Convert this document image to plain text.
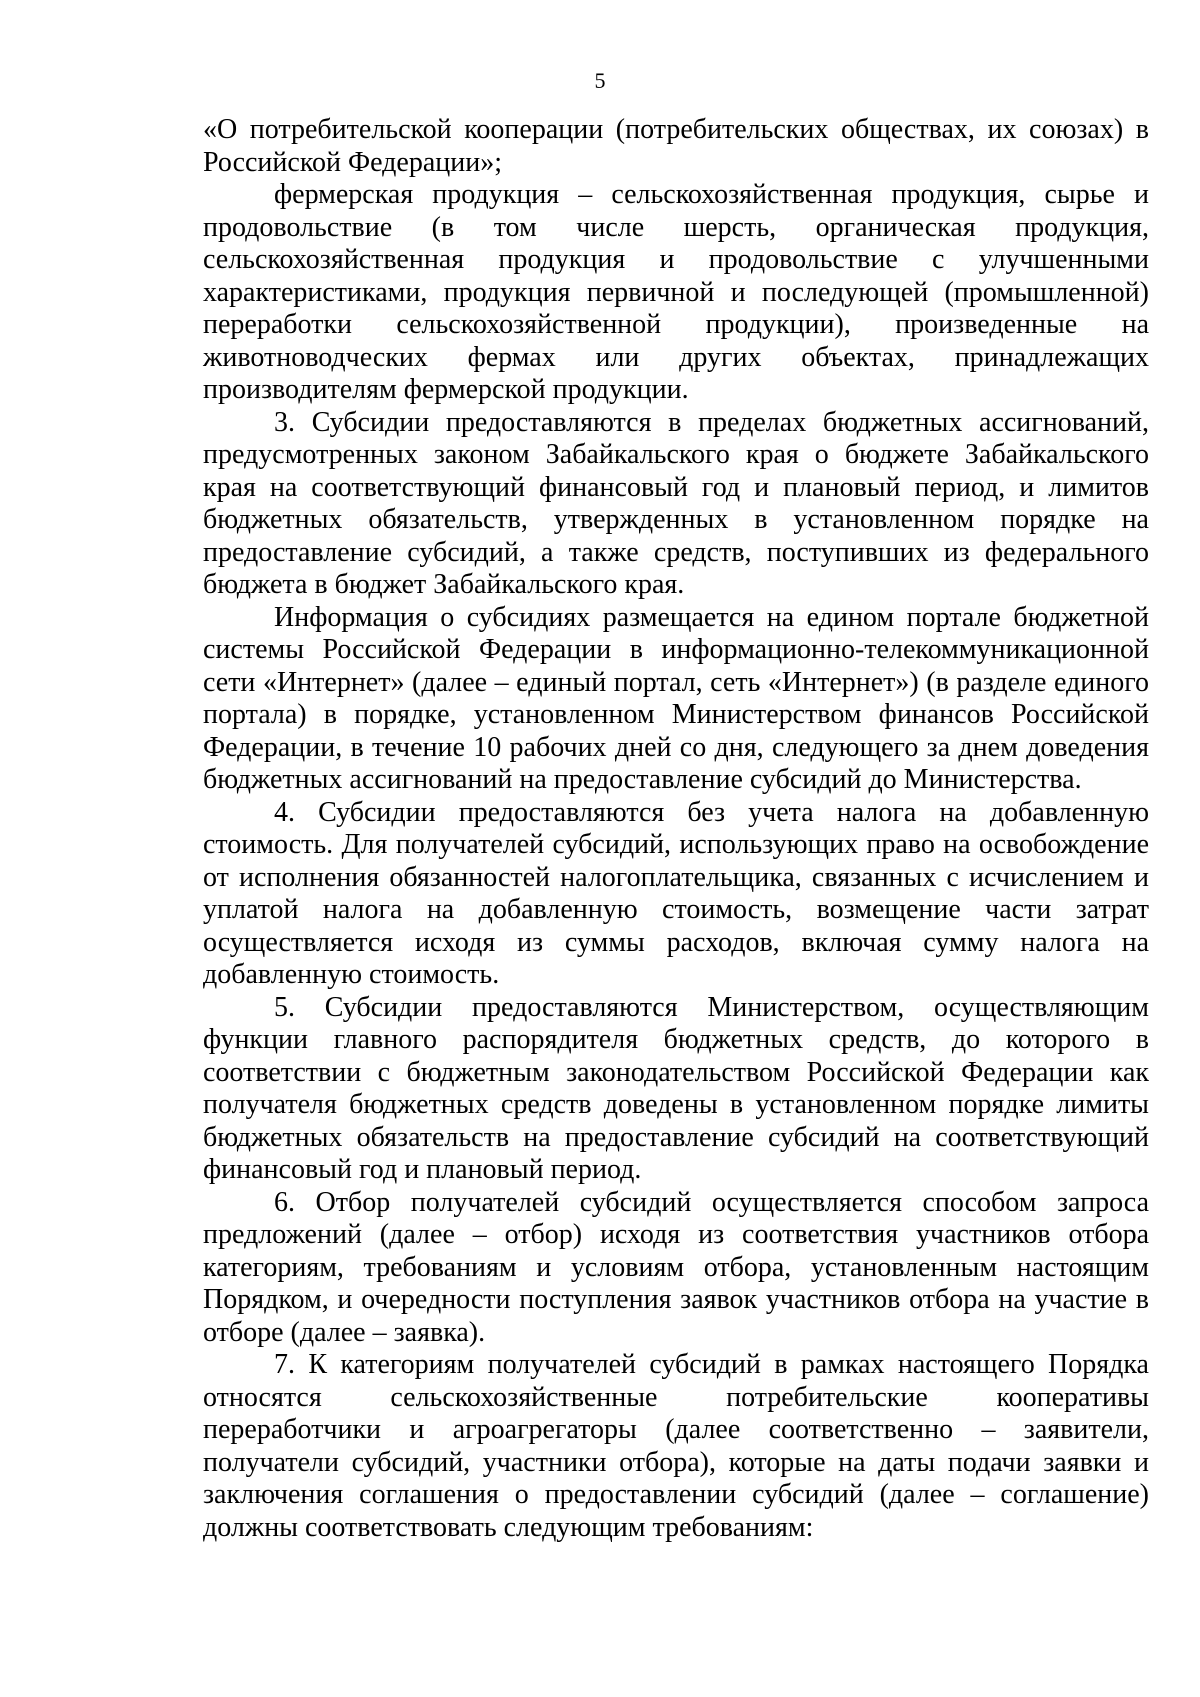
5

«О потребительской кооперации (потребительских обществах, их союзах) в Российской Федерации»;

фермерская продукция – сельскохозяйственная продукция, сырье и продовольствие (в том числе шерсть, органическая продукция, сельскохозяйственная продукция и продовольствие с улучшенными характеристиками, продукция первичной и последующей (промышленной) переработки сельскохозяйственной продукции), произведенные на животноводческих фермах или других объектах, принадлежащих производителям фермерской продукции.

3. Субсидии предоставляются в пределах бюджетных ассигнований, предусмотренных законом Забайкальского края о бюджете Забайкальского края на соответствующий финансовый год и плановый период, и лимитов бюджетных обязательств, утвержденных в установленном порядке на предоставление субсидий, а также средств, поступивших из федерального бюджета в бюджет Забайкальского края.

Информация о субсидиях размещается на едином портале бюджетной системы Российской Федерации в информационно-телекоммуникационной сети «Интернет» (далее – единый портал, сеть «Интернет») (в разделе единого портала) в порядке, установленном Министерством финансов Российской Федерации, в течение 10 рабочих дней со дня, следующего за днем доведения бюджетных ассигнований на предоставление субсидий до Министерства.

4. Субсидии предоставляются без учета налога на добавленную стоимость. Для получателей субсидий, использующих право на освобождение от исполнения обязанностей налогоплательщика, связанных с исчислением и уплатой налога на добавленную стоимость, возмещение части затрат осуществляется исходя из суммы расходов, включая сумму налога на добавленную стоимость.

5. Субсидии предоставляются Министерством, осуществляющим функции главного распорядителя бюджетных средств, до которого в соответствии с бюджетным законодательством Российской Федерации как получателя бюджетных средств доведены в установленном порядке лимиты бюджетных обязательств на предоставление субсидий на соответствующий финансовый год и плановый период.

6. Отбор получателей субсидий осуществляется способом запроса предложений (далее – отбор) исходя из соответствия участников отбора категориям, требованиям и условиям отбора, установленным настоящим Порядком, и очередности поступления заявок участников отбора на участие в отборе (далее – заявка).

7. К категориям получателей субсидий в рамках настоящего Порядка относятся сельскохозяйственные потребительские кооперативы переработчики и агроагрегаторы (далее соответственно – заявители, получатели субсидий, участники отбора), которые на даты подачи заявки и заключения соглашения о предоставлении субсидий (далее – соглашение) должны соответствовать следующим требованиям:
